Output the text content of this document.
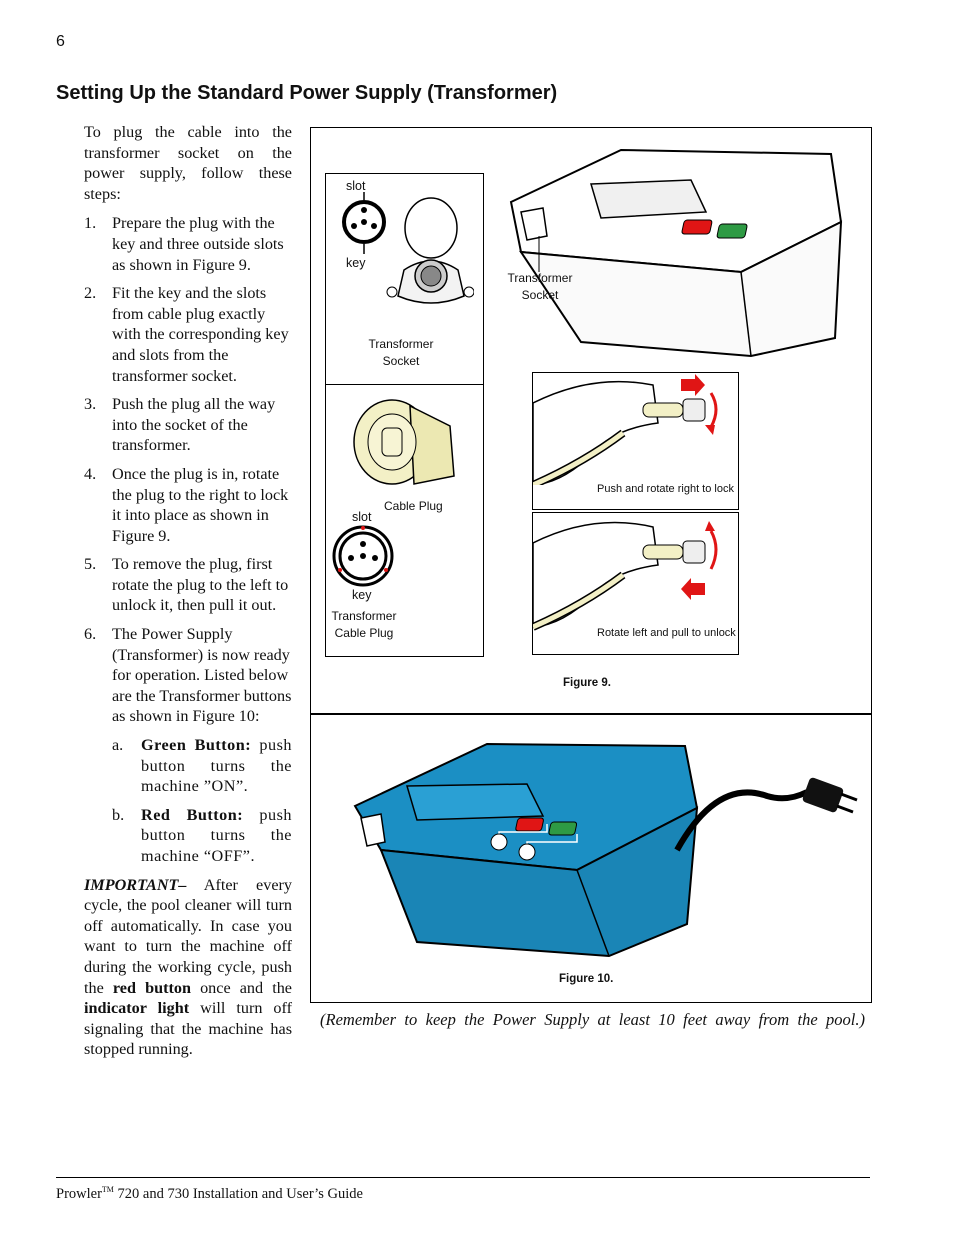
6
Setting Up the Standard Power Supply (Transformer)

To plug the cable into the transformer socket on the power supply, follow these steps:

1. Prepare the plug with the key and three outside slots as shown in Figure 9.
2. Fit the key and the slots from cable plug exactly with the corresponding key and slots from the transformer socket.
3. Push the plug all the way into the socket of the transformer.
4. Once the plug is in, rotate the plug to the right to lock it into place as shown in Figure 9.
5. To remove the plug, first rotate the plug to the left to unlock it, then pull it out.
6. The Power Supply (Transformer) is now ready for operation. Listed below are the Transformer buttons as shown in Figure 10:
a.	Green Button: push button turns the machine ”ON”.
b.	Red Button: push button turns the machine “OFF”.

IMPORTANT– After every cycle, the pool cleaner will turn off automatically. In case you want to turn the machine off during the working cycle, push the red button once and the indicator light will turn off signaling that the machine has stopped running.

slot
key
Transformer
Socket
Cable Plug
slot
key
Transformer
Cable Plug
Transformer
Socket
Push and rotate right to lock
Rotate left and pull to unlock
Figure 9.
Figure 10.
(Remember to keep the Power Supply at least 10 feet away from the pool.)
Prowler™ 720 and 730 Installation and User’s Guide
